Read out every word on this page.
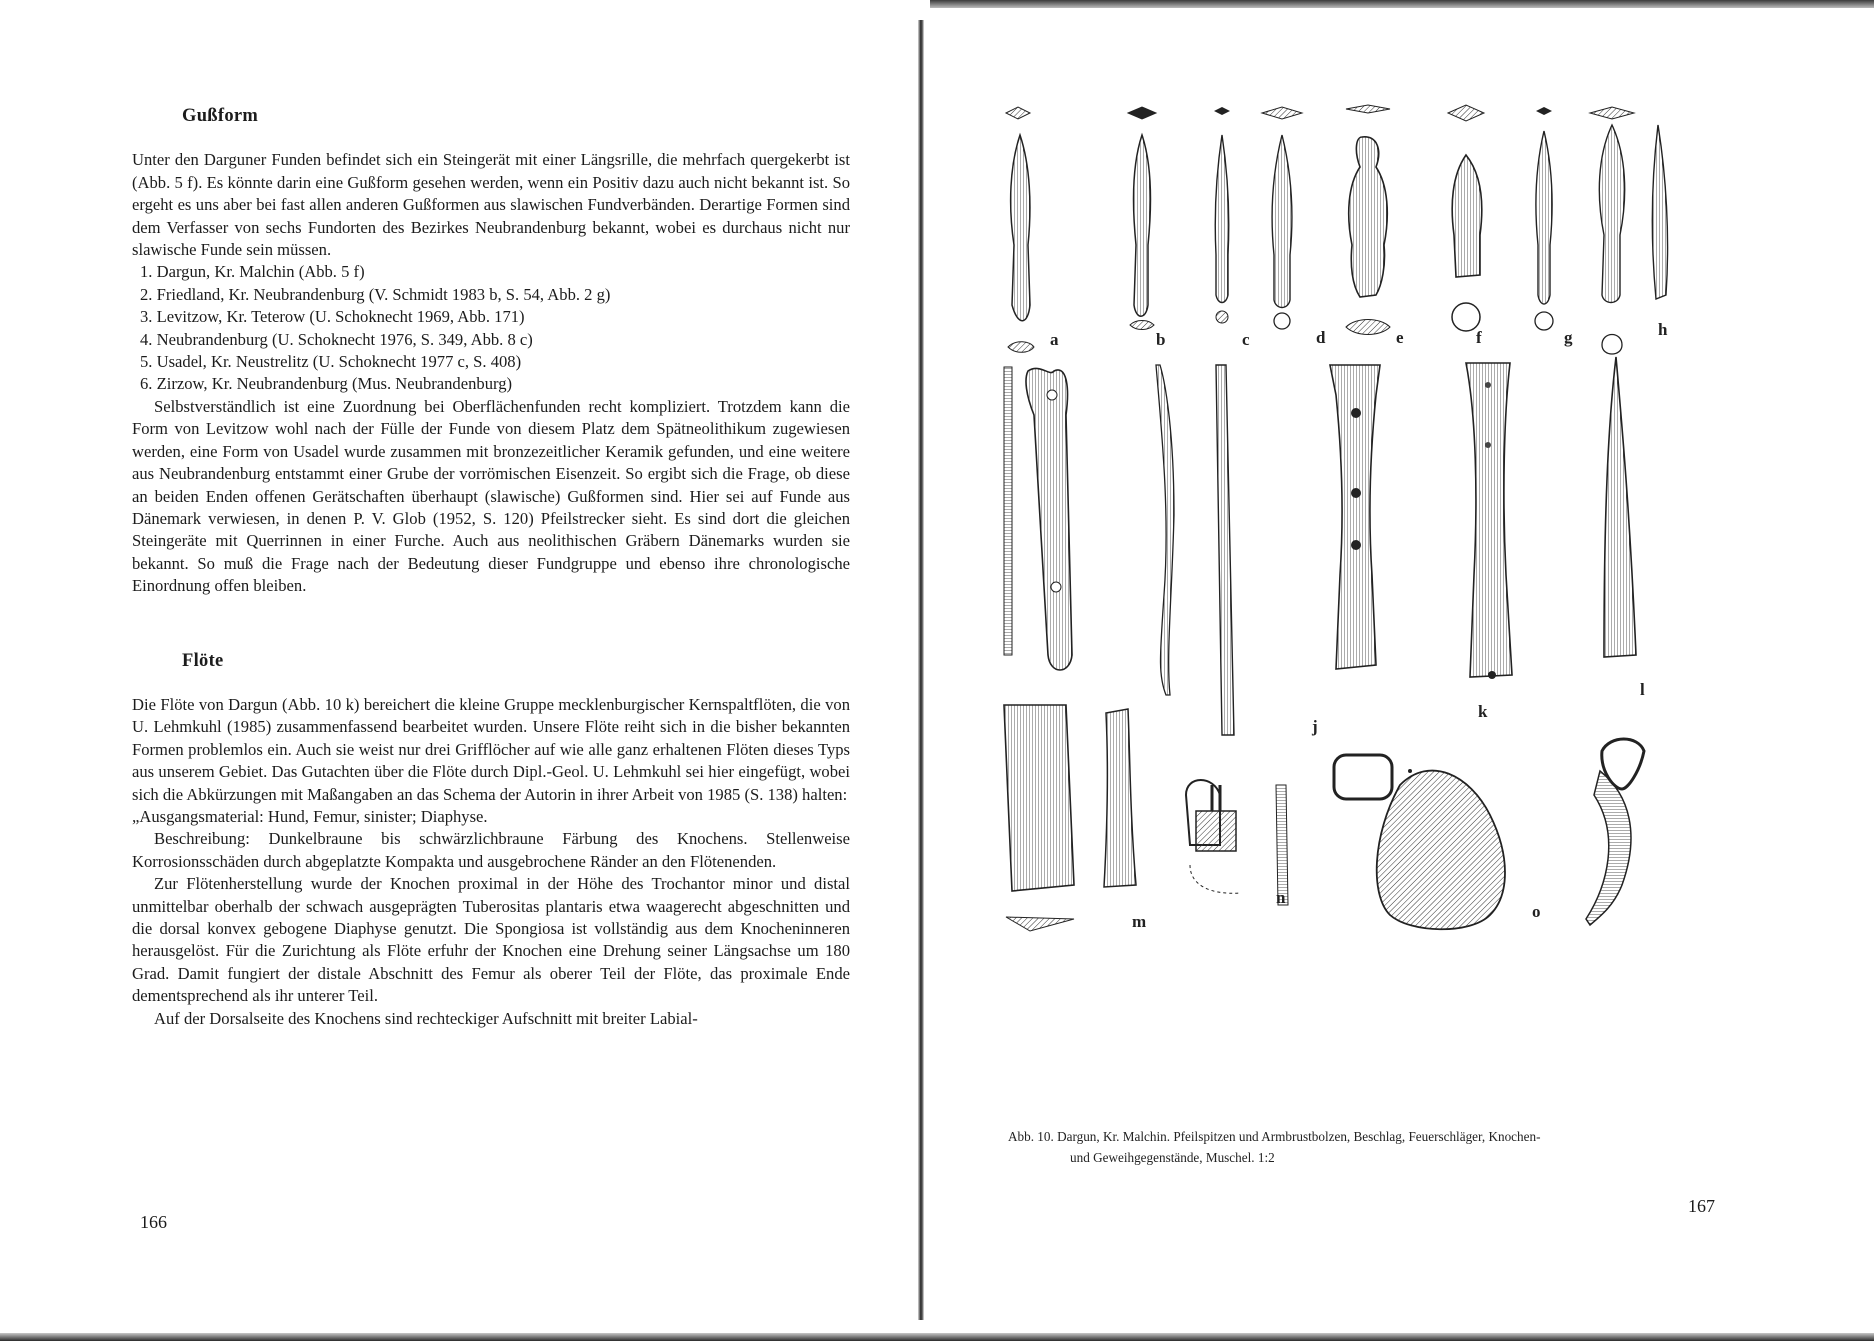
Gußform

Unter den Darguner Funden befindet sich ein Steingerät mit einer Längsrille, die mehrfach quergekerbt ist (Abb. 5 f). Es könnte darin eine Gußform gesehen werden, wenn ein Positiv dazu auch nicht bekannt ist. So ergeht es uns aber bei fast allen anderen Gußformen aus slawischen Fundverbänden. Derartige Formen sind dem Verfasser von sechs Fundorten des Bezirkes Neubrandenburg bekannt, wobei es durchaus nicht nur slawische Funde sein müssen.

1. Dargun, Kr. Malchin (Abb. 5 f)
2. Friedland, Kr. Neubrandenburg (V. Schmidt 1983 b, S. 54, Abb. 2 g)
3. Levitzow, Kr. Teterow (U. Schoknecht 1969, Abb. 171)
4. Neubrandenburg (U. Schoknecht 1976, S. 349, Abb. 8 c)
5. Usadel, Kr. Neustrelitz (U. Schoknecht 1977 c, S. 408)
6. Zirzow, Kr. Neubrandenburg (Mus. Neubrandenburg)

Selbstverständlich ist eine Zuordnung bei Oberflächenfunden recht kompliziert. Trotzdem kann die Form von Levitzow wohl nach der Fülle der Funde von diesem Platz dem Spätneolithikum zugewiesen werden, eine Form von Usadel wurde zusammen mit bronzezeitlicher Keramik gefunden, und eine weitere aus Neubrandenburg entstammt einer Grube der vorrömischen Eisenzeit. So ergibt sich die Frage, ob diese an beiden Enden offenen Gerätschaften überhaupt (slawische) Gußformen sind. Hier sei auf Funde aus Dänemark verwiesen, in denen P. V. Glob (1952, S. 120) Pfeilstrecker sieht. Es sind dort die gleichen Steingeräte mit Querrinnen in einer Furche. Auch aus neolithischen Gräbern Dänemarks wurden sie bekannt. So muß die Frage nach der Bedeutung dieser Fundgruppe und ebenso ihre chronologische Einordnung offen bleiben.

Flöte

Die Flöte von Dargun (Abb. 10 k) bereichert die kleine Gruppe mecklenburgischer Kernspaltflöten, die von U. Lehmkuhl (1985) zusammenfassend bearbeitet wurden. Unsere Flöte reiht sich in die bisher bekannten Formen problemlos ein. Auch sie weist nur drei Grifflöcher auf wie alle ganz erhaltenen Flöten dieses Typs aus unserem Gebiet. Das Gutachten über die Flöte durch Dipl.-Geol. U. Lehmkuhl sei hier eingefügt, wobei sich die Abkürzungen mit Maßangaben an das Schema der Autorin in ihrer Arbeit von 1985 (S. 138) halten:

„Ausgangsmaterial: Hund, Femur, sinister; Diaphyse.

Beschreibung: Dunkelbraune bis schwärzlichbraune Färbung des Knochens. Stellenweise Korrosionsschäden durch abgeplatzte Kompakta und ausgebrochene Ränder an den Flötenenden.

Zur Flötenherstellung wurde der Knochen proximal in der Höhe des Trochantor minor und distal unmittelbar oberhalb der schwach ausgeprägten Tuberositas plantaris etwa waagerecht abgeschnitten und die dorsal konvex gebogene Diaphyse genutzt. Die Spongiosa ist vollständig aus dem Knocheninneren herausgelöst. Für die Zurichtung als Flöte erfuhr der Knochen eine Drehung seiner Längsachse um 180 Grad. Damit fungiert der distale Abschnitt des Femur als oberer Teil der Flöte, das proximale Ende dementsprechend als ihr unterer Teil.

Auf der Dorsalseite des Knochens sind rechteckiger Aufschnitt mit breiter Labial-

166
a	b	c	d	e	f	g	h
j
k
l
m
n
o
Abb. 10. Dargun, Kr. Malchin. Pfeilspitzen und Armbrustbolzen, Beschlag, Feuerschläger, Knochen-
und Geweihgegenstände, Muschel. 1:2
167
